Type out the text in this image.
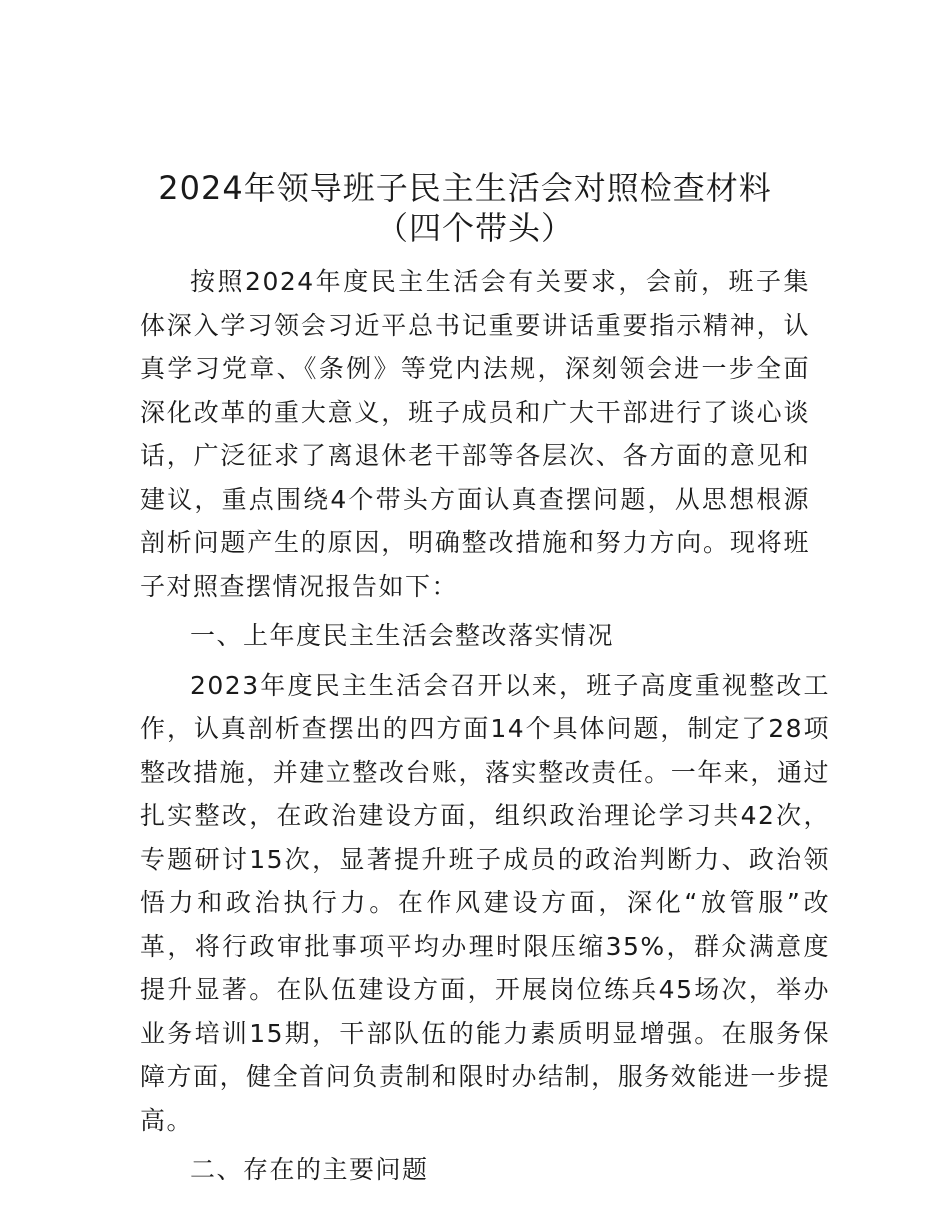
2024年领导班子民主生活会对照检查材料
（四个带头）

按照2024年度民主生活会有关要求，会前，班子集体深入学习领会习近平总书记重要讲话重要指示精神，认真学习党章、《条例》等党内法规，深刻领会进一步全面深化改革的重大意义，班子成员和广大干部进行了谈心谈话，广泛征求了离退休老干部等各层次、各方面的意见和建议，重点围绕4个带头方面认真查摆问题，从思想根源剖析问题产生的原因，明确整改措施和努力方向。现将班子对照查摆情况报告如下：

一、上年度民主生活会整改落实情况

2023年度民主生活会召开以来，班子高度重视整改工作，认真剖析查摆出的四方面14个具体问题，制定了28项整改措施，并建立整改台账，落实整改责任。一年来，通过扎实整改，在政治建设方面，组织政治理论学习共42次，专题研讨15次，显著提升班子成员的政治判断力、政治领悟力和政治执行力。在作风建设方面，深化“放管服”改革，将行政审批事项平均办理时限压缩35%，群众满意度提升显著。在队伍建设方面，开展岗位练兵45场次，举办业务培训15期，干部队伍的能力素质明显增强。在服务保障方面，健全首问负责制和限时办结制，服务效能进一步提高。

二、存在的主要问题
